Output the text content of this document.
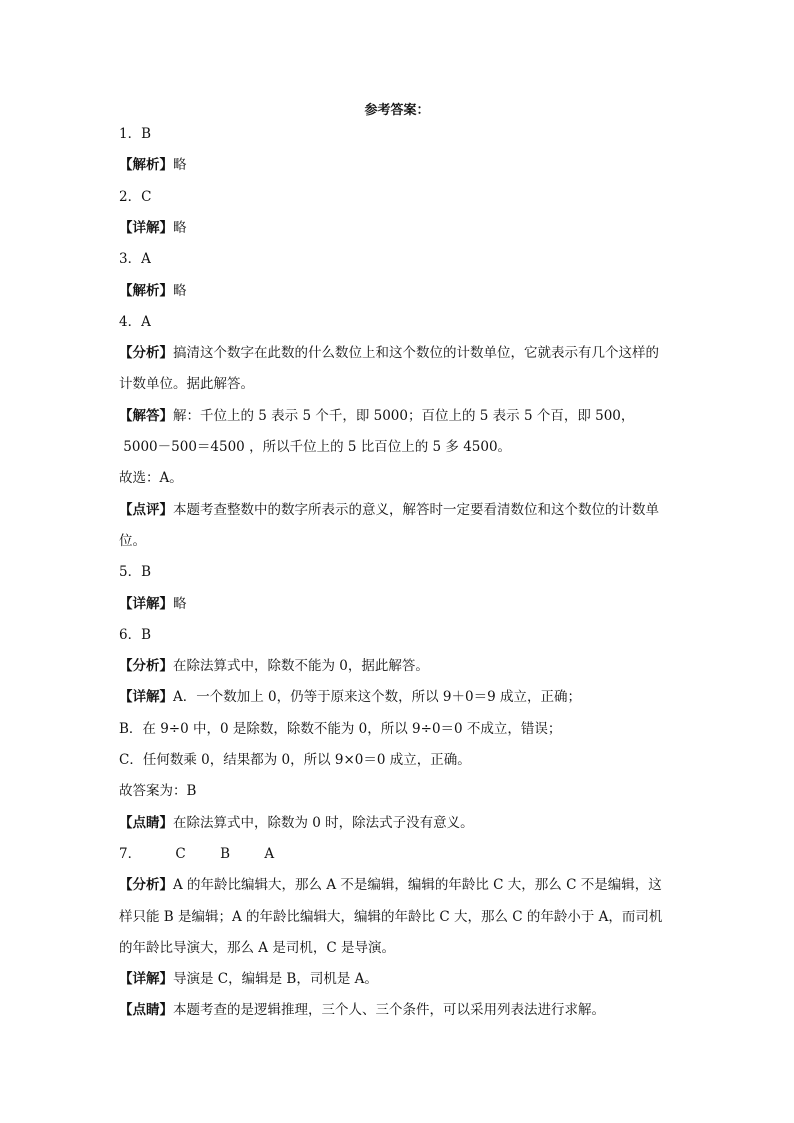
参考答案：
1．B
【解析】略
2．C
【详解】略
3．A
【解析】略
4．A
【分析】搞清这个数字在此数的什么数位上和这个数位的计数单位，它就表示有几个这样的
计数单位。据此解答。
【解答】解：千位上的 5 表示 5 个千，即 5000；百位上的 5 表示 5 个百，即 500，
5000－500＝4500 ，所以千位上的 5 比百位上的 5 多 4500。
故选：A。
【点评】本题考查整数中的数字所表示的意义，解答时一定要看清数位和这个数位的计数单
位。
5．B
【详解】略
6．B
【分析】在除法算式中，除数不能为 0，据此解答。
【详解】A．一个数加上 0，仍等于原来这个数，所以 9＋0＝9 成立，正确；
B．在 9÷0 中，0 是除数，除数不能为 0，所以 9÷0＝0 不成立，错误；
C．任何数乘 0，结果都为 0，所以 9×0＝0 成立，正确。
故答案为：B
【点睛】在除法算式中，除数为 0 时，除法式子没有意义。
7．        C        B        A
【分析】A 的年龄比编辑大，那么 A 不是编辑，编辑的年龄比 C 大，那么 C 不是编辑，这
样只能 B 是编辑；A 的年龄比编辑大，编辑的年龄比 C 大，那么 C 的年龄小于 A，而司机
的年龄比导演大，那么 A 是司机，C 是导演。
【详解】导演是 C，编辑是 B，司机是 A。
【点睛】本题考查的是逻辑推理，三个人、三个条件，可以采用列表法进行求解。
